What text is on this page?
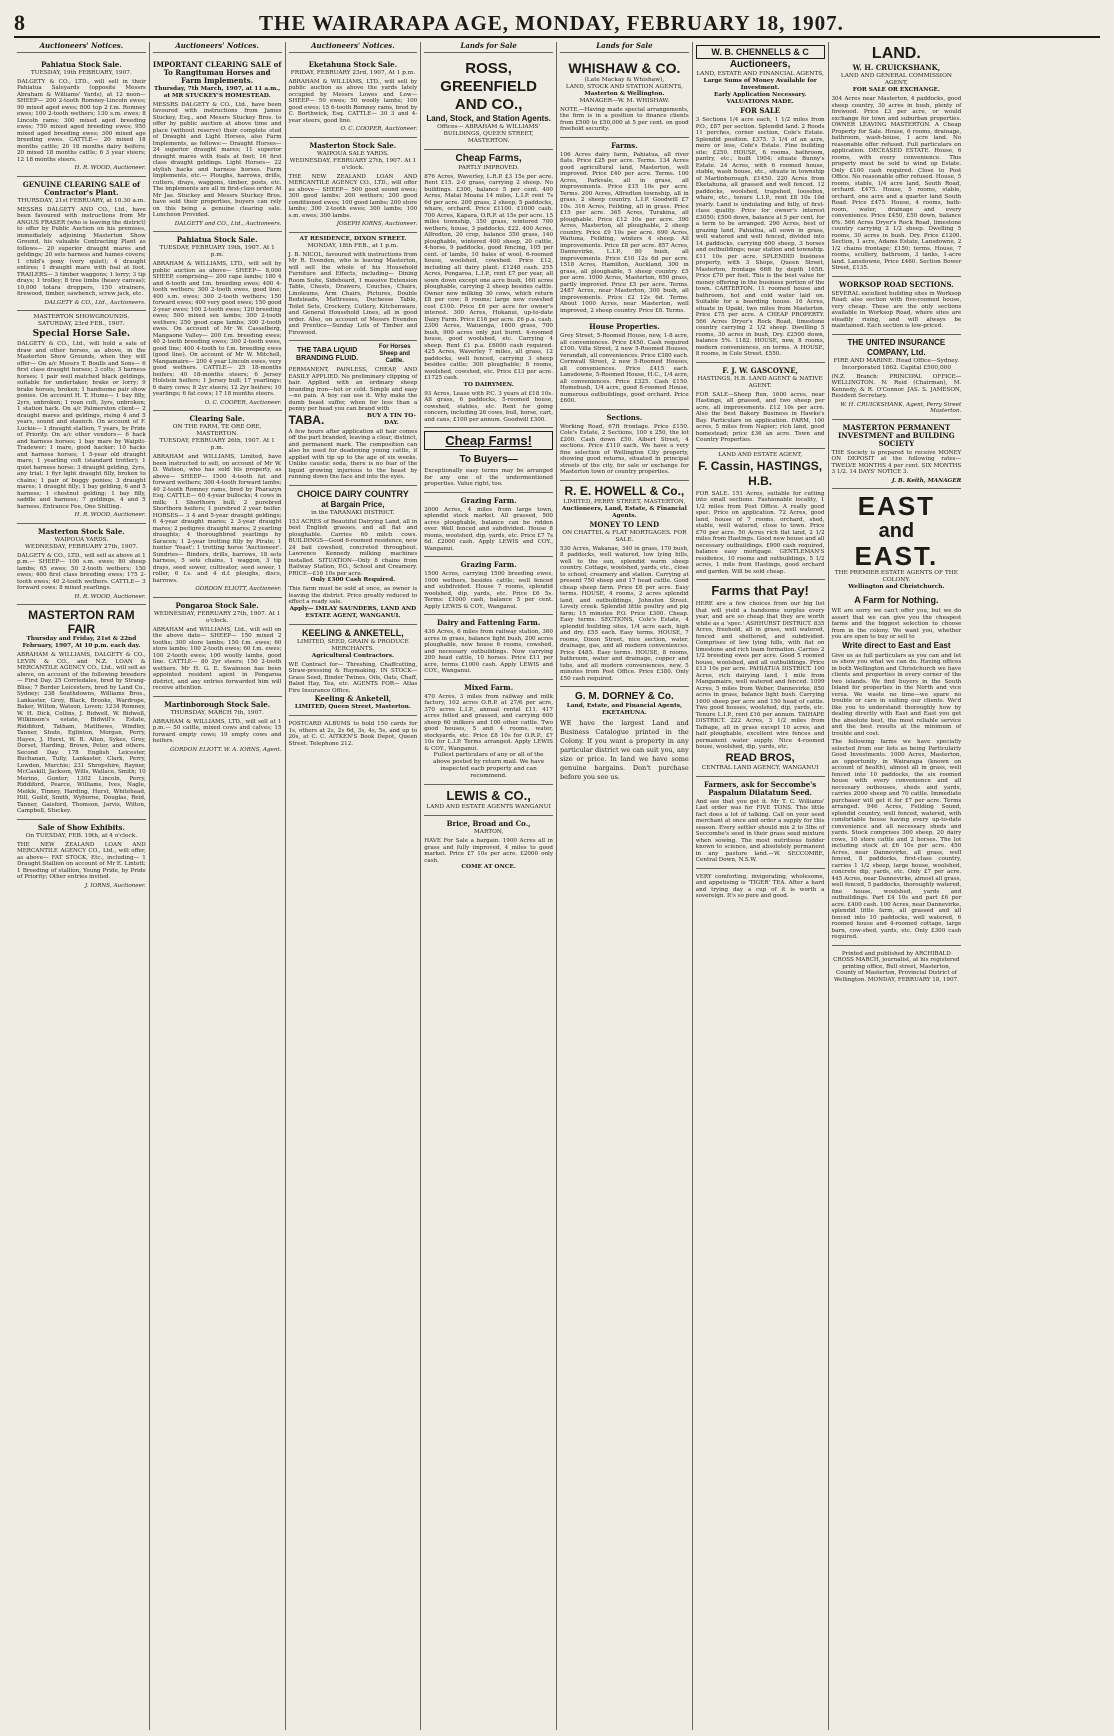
8	THE WAIRARAPA AGE, MONDAY, FEBRUARY 18, 1907.
Auctioneers' Notices.
Pahiatua Stock Sale.
TUESDAY, 19th FEBRUARY, 1907.
DALGETY & CO., LTD., will sell in their Pahiatua Saleyards (opposite Messrs Abraham & Williams' Yards), at 12 noon— SHEEP— 200 2-tooth Romney-Lincoln ewes; 90 mixed aged ewes; 800 top 2 f.m. Romney ewes; 100 2-tooth wethers; 130 s.m. ewes; 8 Lincoln rams; 300 mixed aged breeding ewes; 750 mixed aged breeding ewes; 950 mixed aged breeding ewes; 300 mixed age breeding ewes. CATTLE— 20 mixed 18 months cattle; 20 18 months dairy heifers; 20 mixed 18 months cattle; 6 3 year steers; 12 18 months steers.
H. R. WOOD, Auctioneer.
GENUINE CLEARING SALE of Contractor's Plant.
THURSDAY, 21st FEBRUARY, at 10.30 a.m.
MESSRS DALGETY AND CO., Ltd., have been favoured with instructions from Mr ANGUS FRASER (who is leaving the district) to offer by Public Auction on his premises, immediately adjoining Masterton Show Ground, his valuable Contracting Plant as follows— 20 superior draught mares and geldings; 20 sets harness and hames covers; 1 child's pony (very quiet); 4 draught entires; 1 draught mare with foal at foot. TRAILERS— 3 timber waggons; 1 lorry; 3 tip drays; 1 trolley; 8 tree limbs (heavy canvas); 10,000 totara droppers, 150 strainers, firewood, timber, sawbench, screw jack, etc.
DALGETY & CO., Ltd., Auctioneers.
MASTERTON SHOWGROUNDS. SATURDAY, 23rd FEB., 1907.
Special Horse Sale.
DALGETY & CO., Ltd., will hold a sale of draw and other horses, as above, in the Masterton Show Grounds, when they will offer— On a/c Messrs T. Boulls and Sons— 6 first class draught horses; 3 colts; 3 harness horses; 1 pair well matched black geldings, suitable for undertaker, brake or lorry; 9 brake horses, broken; 1 handsome pair show ponies. On account H. T. Hume— 1 bay filly, 2yrs, unbroken; 1 roan colt, 3yrs, unbroken; 1 station hack. On a/c Palmerston client— 2 draught mares and geldings, rising 4 and 5 years, sound and staunch. On account of F. Luckie— 1 draught stallion, 7 years, by Pride of Priority. On a/c other vendors— 6 hack and harness horses; 1 bay mare by Waipiti-Tradewer; 1 mare, good hacker; 10 hacks and harness horses; 1 5-year old draught mare; 1 yearling colt (standard trotter); 1 quiet harness horse; 3 draught gelding, 2yrs, any trial; 1 6yr light draught filly, broken to chains; 1 pair of buggy ponies; 3 draught mares; 1 draught filly; 1 bay gelding, 6 and 5 harness; 1 chestnut gelding; 1 bay filly, saddle and harness; 7 geldings, 4 and 5 harness. Entrance Fee, One Shilling.
H. R. WOOD, Auctioneer.
Masterton Stock Sale.
WAIPOUA YARDS.
WEDNESDAY, FEBRUARY 27th, 1907.
DALGETY & CO., LTD., will sell as above at 1 p.m.— SHEEP— 100 s.m. ewes; 80 sheep lambs; 65 ewes; 50 2-tooth wethers; 150 ewes; 400 first class breeding ewes; 175 2-tooth ewes; 40 2-tooth wethers. CATTLE— 3 forward cows; 8 mixed yearlings.
H. R. WOOD, Auctioneer.
MASTERTON RAM FAIR
Thursday and Friday, 21st & 22nd February, 1907, At 10 p.m. each day.
ABRAHAM & WILLIAMS, DALGETY & CO., LEVIN & CO., and N.Z. LOAN & MERCANTILE AGENCY CO., Ltd., will sell as above, on account of the following breeders— First Day. 25 Corriedales, bred by Strang-Bliss; 7 Border Leicesters, bred by Land Co., Sydney; 238 Southdowns, Williams Bros., Lankaster, Grey, Black, Brooks, Wardrope, Baker, Wilton, Watson, Loven; 1234 Romney, W. H. Dick, Collins, J. Bidwell, W. Bidwell, Wilkinson's estate, Bidwill's Estate, Riddiford, Tatham, Matthews, Windley, Tanner, Shute, Eglinton, Morgan, Perry, Hayes, J. Hurst, W. B. Allen, Sykes, Grey, Dorset, Harding, Brown, Peter, and others. Second Day. 178 English Leicester, Buchanan, Tully, Lankaster, Clark, Perry, Lowden, Murchie; 231 Shropshire, Rayner, McCaskill, Jackson, Wills, Wallace, Smith; 10 Merino, Gunter; 1302 Lincoln, Perry, Riddiford, Pearce, Williams, Ives, Nagle, Meikle, Tinney, Harding, Hurst, Whitehead, Hill, Guild, Smith, Wyborne, Douglas, Reid, Tanner, Gaisford, Thomson, Jarvis, Wilton, Campbell, Stuckey.
Sale of Show Exhibits.
On TUESDAY, FEB. 19th, at 4 o'clock.
THE NEW ZEALAND LOAN AND MERCANTILE AGENCY CO., Ltd., will offer, as above— FAT STOCK, Etc., including— 1 Draught Stallion on account of Mr E. Lintott; 1 Breeding of stallion, Young Pride, by Pride of Priority; Other entries invited.
J. IORNS, Auctioneer.
Auctioneers' Notices.
IMPORTANT CLEARING SALE of To Rangitumau Horses and Farm Implements.
Thursday, 7th March, 1907, at 11 a.m., at MR STUCKEY'S HOMESTEAD.
MESSRS DALGETY & CO., Ltd., have been favoured with instructions from James Stuckey, Esq., and Messrs Stuckey Bros. to offer by public auction at above time and place (without reserve) their complete stud of Draught and Light Horses, also Farm Implements, as follows:— Draught Horses— 24 superior draught mares; 11 superior draught mares with foals at foot; 16 first class draught geldings. Light Horses— 22 stylish hacks and harness horses. Farm Implements, etc.— Ploughs, harrows, drills, cutters, drays, waggons, timber, posts, etc. The implements are all in first-class order. At Mr Jas. Stuckey and Messrs Stuckey Bros. have sold their properties, buyers can rely on this being a genuine clearing sale. Luncheon Provided.
DALGETY and CO., Ltd., Auctioneers.
Pahiatua Stock Sale.
TUESDAY, FEBRUARY 19th, 1907. At 1 p.m.
ABRAHAM & WILLIAMS, LTD., will sell by public auction as above— SHEEP— 8,000 SHEEP, comprising— 200 cape lambs; 180 4 and 6-tooth and f.m. breeding ewes; 400 4-tooth wethers; 300 2-tooth ewes, good line; 400 s.m. ewes; 300 2-tooth wethers; 150 forward ewes; 400 very good ewes; 150 good 2-year ewes; 100 2-tooth ewes; 120 breeding ewes; 500 mixed sex lambs; 300 2-tooth wethers; 250 good cape lambs; 300 2-tooth ewes. On account of Mr W. Casselberg, Mangaone Valley— 200 f.m. breeding ewes; 40 2-tooth breeding ewes; 300 2-tooth ewes, good line; 400 4-tooth to f.m. breeding ewes (good line). On account of Mr W. Mitchell, Mangamaire— 200 4 year Lincoln ewes, very good wethers. CATTLE— 25 18-months heifers; 40 18-months steers; 6 Jersey Holstein heifers; 1 Jersey bull; 17 yearlings; 6 dairy cows; 8 2yr steers; 12 2yr heifers; 10 yearlings; 6 fat cows; 17 18 months steers.
O. C. COOPER, Auctioneer.
Clearing Sale.
ON THE FARM, TE ORE ORE, MASTERTON.
TUESDAY, FEBRUARY 26th, 1907. At 1 p.m.
ABRAHAM and WILLIAMS, Limited, have been instructed to sell, on account of Mr W. D. Watson, who has sold his property, as above— SHEEP— 1500 4-tooth fat and forward wethers; 300 4-tooth forward lambs; 40 2-tooth Romney rams, bred by Pharazyn Esq. CATTLE— 60 4-year bullocks; 4 cows in milk; 1 Shorthorn bull; 2 purebred Shorthorn heifers; 1 purebred 2 year heifer. HORSES— 3 4 and 5-year draught geldings; 6 4-year draught mares; 2 3-year draught mares; 2 pedigree draught mares; 2 yearling draughts; 4 thoroughbred yearlings by Saracen; 1 2-year trotting filly by Pirate; 1 hunter 'Yeast'; 1 trotting horse 'Auctioneer'. Sundries— Binders, drills, harrows, 18 sets harness, 5 sets chains, 1 waggon, 3 tip drays, seed sower, cultivator, seed sower, 1 roller, 6 f.s. and 4 d.f. ploughs, discs, harrows.
GORDON ELIOTT, Auctioneer.
Pongaroa Stock Sale.
WEDNESDAY, FEBRUARY 27th, 1907. At 1 o'clock.
ABRAHAM and WILLIAMS, Ltd., will sell on the above date— SHEEP— 150 mixed 2 tooths; 300 store lambs; 150 f.m. ewes; 60 store lambs; 100 2-tooth ewes; 60 f.m. ewes; 100 2-tooth ewes; 100 woolly lambs, good line. CATTLE— 80 2yr steers; 150 2-tooth wethers. Mr H. G. E. Swainson has been appointed resident agent in Pongaroa district, and any entries forwarded him will receive attention.
Martinborough Stock Sale.
THURSDAY, MARCH 7th, 1907.
ABRAHAM & WILLIAMS, LTD., will sell at 1 p.m.— 50 cattle, mixed cows and calves; 15 forward empty cows; 19 empty cows and heifers.
GORDON ELIOTT. W. A. IORNS, Agent.
Auctioneers' Notices.
Eketahuna Stock Sale.
FRIDAY, FEBRUARY 23rd, 1907, At 1 p.m.
ABRAHAM & WILLIAMS, LTD., will sell by public auction as above the yards lately occupied by Messrs Lowes and Low— SHEEP— 50 ewes; 50 woolly lambs; 100 good ewes; 15 6-tooth Romney rams, bred by C. Borthwick, Esq. CATTLE— 30 3 and 4-year steers, good line.
O. C. COOPER, Auctioneer.
Masterton Stock Sale.
WAIPOUA SALE YARDS.
WEDNESDAY, FEBRUARY 27th, 1907. At 1 o'clock.
THE NEW ZEALAND LOAN AND MERCANTILE AGENCY CO., LTD., will offer as above— SHEEP— 500 good sound ewes; 300 good lambs; 200 wethers; 200 good conditioned ewes; 100 good lambs; 200 store lambs; 300 2-tooth ewes; 300 lambs; 100 s.m. ewes; 300 lambs.
JOSEPH IORNS, Auctioneer.
AT RESIDENCE, DIXON STREET.
MONDAY, 18th FEB., at 1 p.m.
J. B. NICOL, favoured with instructions from Mr R. Evenden, who is leaving Masterton, will sell the whole of his Household Furniture and Effects, including— Dining Room Suite, Sideboard, 1 massive Extension Table, Chests, Drawers, Couches, Chairs, Linoleums, Arm Chairs, Pictures, Double Bedsteads, Mattresses, Duchesse Table, Toilet Sets, Crockery, Cutlery, Kitchenware, and General Household Lines, all in good order. Also, on account of Messrs Evenden and Prentice—Sunday Lots of Timber and Firewood.
THE TABA LIQUID BRANDING FLUID.
For Horses Sheep and Cattle.
PERMANENT, PAINLESS, CHEAP, AND EASILY APPLIED. No preliminary clipping of hair. Applied with an ordinary sheep branding iron—hot or cold. Simple and easy—no pain. A boy can use it. Why make the dumb beast suffer, when for less than a penny per head you can brand with
TABA.	BUY A TIN TO-DAY.
A few hours after application all hair comes off the part branded, leaving a clear, distinct, and permanent mark. The composition can also be used for deadening young cattle, if applied with tip up to the age of six weeks. Unlike caustic soda, there is no fear of the liquid growing injurious to the beast by running down the face and into the eyes.
CHOICE DAIRY COUNTRY
at Bargain Price,
in the TARANAKI DISTRICT.
153 ACRES of Beautiful Dairying Land, all in best English grasses, and all flat and ploughable. Carries 60 milch cows. BUILDINGS—Good 6-roomed residence, new 24 bail cowshed, concreted throughout. Lawrence Kennedy milking machines installed. SITUATION—Only 8 chains from Railway Station, P.O., School and Creamery. PRICE—£16 10s per acre.
Only £300 Cash Required.
This farm must be sold at once, as owner is leaving the district. Price greatly reduced to effect a ready sale.
Apply— IMLAY SAUNDERS, LAND AND ESTATE AGENT, WANGANUI.
KEELING & ANKETELL,
LIMITED, SEED, GRAIN & PRODUCE MERCHANTS.
Agricultural Contractors.
WE Contract for— Threshing, Chaffcutting, Straw-pressing & Haymaking. IN STOCK— Grass Seed, Binder Twines, Oils, Oats, Chaff, Baled Hay, Tea, etc. AGENTS FOR— Atlas Fire Insurance Office.
Keeling & Anketell,
LIMITED, Queen Street, Masterton.
POSTCARD ALBUMS to hold 150 cards for 1s, others at 2s, 2s 6d, 3s, 4s, 5s, and up to 20s, at C. C. AITKEN'S Book Depot, Queen Street. Telephone 212.
Lands for Sale
ROSS, GREENFIELD AND CO.,
Land, Stock, and Station Agents.
Offices— ABRAHAM & WILLIAMS' BUILDINGS, QUEEN STREET, MASTERTON.
Cheap Farms,
PARTLY IMPROVED.
876 Acres, Waverley, L.R.P. £3 15s per acre. Rent £15. 2-0 grass, carrying 2 sheep. No buildings. £300, balance 5 per cent. 400 Acres, Matai Moana 14 miles, L.I.P. rent 7s 6d per acre. 200 grass, 2 sheep, 5 paddocks, whare, orchard. Price £1100. £1000 cash. 700 Acres, Kapara, O.R.P. at 15s per acre. 15 miles township, 350 grass, wintered 700 wethers, house, 3 paddocks, £22. 400 Acres, Alfredton, 20 crop, balance 350 grass, 140 ploughable, wintered 400 sheep, 20 cattle, 4-horse, 9 paddocks, good fencing, 105 per cent. of lambs, 10 bales of wool, 6-roomed house, woolshed, cowshed. Price £12, including all dairy plant. £1248 cash. 255 Acres, Pongaroa, L.I.P., rent £7 per year, all sown down except one acre bush, 160 acres ploughable, carrying 2 sheep besides cattle. Owner now milking 30 cows, which return £8 per cow; 8 rooms; large new cowshed cost £100. Price £6 per acre for owner's interest. 300 Acres, Hukanui, up-to-date Dairy Farm. Price £16 per acre. £6 p.a. cash. 2300 Acres, Waiuenga, 1600 grass, 700 bush, 900 acres only just burnt. 4-roomed house, good woolshed, etc. Carrying 4 sheep. Rent £1 p.a. £6000 cash required. 425 Acres, Waverley 7 miles, all grass, 12 paddocks, well fenced, carrying 3 sheep besides cattle; 300 ploughable; 8 rooms, woolshed, cowshed, etc. Price £13 per acre. £1725 cash.
TO DAIRYMEN.
93 Acres, Lease with P.C. 3 years at £18 10s. All grass, 6 paddocks, 5-roomed house, cowshed, stables, etc. Rent for going concern, including 26 cows, bull, horse, cart, and cans, £100 per annum. Goodwill £300.
Cheap Farms!
To Buyers—
Exceptionally easy terms may be arranged for any one of the undermentioned properties. Value right, too.
Grazing Farm.
2000 Acres, 4 miles from large town, splendid stock market. All grassed, 500 acres ploughable, balance can be ridden over. Well fenced and subdivided. House 8 rooms, woolshed, dip, yards, etc. Price £7 7s 6d. £2000 cash. Apply LEWIS and COY., Wanganui.
Grazing Farm.
1500 Acres, carrying 1500 breeding ewes, 1000 wethers, besides cattle; well fenced and subdivided. House 7 rooms, splendid woolshed, dip, yards, etc. Price £6 5s. Terms: £1000 cash, balance 5 per cent. Apply LEWIS & COY., Wanganui.
Dairy and Fattening Farm.
436 Acres, 6 miles from railway station, 360 acres in grass, balance light bush, 200 acres ploughable, new house 6 rooms, cowshed, and necessary outbuildings. Now carrying 200 head cattle, 10 horses. Price £11 per acre, terms £1000 cash. Apply LEWIS and COY., Wanganui.
Mixed Farm.
470 Acres, 3 miles from railway and milk factory, 102 acres O.R.P. at 27/6 per acre, 370 acres L.I.P., annual rental £11. 417 acres felled and grassed, and carrying 600 sheep 60 milkers and 100 other cattle. Two good houses, 5 and 4 rooms, water, stockyards, etc. Price £8 10s for O.R.P., £7 10s for L.I.P. Terms arranged. Apply LEWIS & COY., Wanganui.
Fullest particulars of any or all of the above posted by return mail. We have inspected each property and can recommend.
LEWIS & CO.,
LAND AND ESTATE AGENTS WANGANUI
Brice, Broad and Co.,
MARTON,
HAVE For Sale a bargain. 1900 Acres all in grass and fully improved, 4 miles to good market. Price £7 10s per acre. £2000 only cash.
COME AT ONCE.
Lands for Sale
WHISHAW & CO.
(Late Mackay & Whishaw),
LAND, STOCK AND STATION AGENTS,
Masterton & Wellington.
MANAGER—W. M. WHISHAW.
NOTE.—Having made special arrangements, the firm is in a position to finance clients from £500 to £50,000 at 5 per cent. on good freehold security.
Farms.
106 Acres dairy farm, Pahiatua, all river flats. Price £25 per acre. Terms. 134 Acres good agricultural land, Masterton, well improved. Price £40 per acre. Terms. 100 Acres, Parkvale, all in grass, all improvements. Price £15 10s per acre. Terms. 200 Acres, Alfredton township, all in grass, 2 sheep country. L.I.P. Goodwill £7 10s. 316 Acres, Feilding, all in grass. Price £15 per acre. 365 Acres, Turakina, all ploughable. Price £12 10s per acre. 390 Acres, Masterton, all ploughable, 2 sheep country. Price £9 10s per acre. 690 Acres, Waituna, Feilding, winters 4 sheep. All improvements. Price £8 per acre. 857 Acres, Dannevirke, L.I.P., 80 bush, all improvements. Price £10 12s 6d per acre. 1518 Acres, Hamilton, Auckland, 300 in grass, all ploughable, 5 sheep country. £5 per acre. 1000 Acres, Masterton, 650 grass, partly improved. Price £5 per acre. Terms. 2487 Acres, near Masterton, 300 bush, all improvements. Price £2 12s 6d. Terms. About 1000 Acres, near Masterton, well improved, 2 sheep country. Price £8. Terms.
House Properties.
Grey Street, 5-Roomed House, new, 1-8 acre, all conveniences. Price £450. Cash required £100. Villa Street, 2 new 5-Roomed Houses, verandah, all conveniences. Price £380 each. Cornwall Street, 2 new 5-Roomed Houses, all conveniences. Price £415 each. Lansdowne, 5-Roomed House, H.C., 1/4 acre, all conveniences. Price £325. Cash £150. Homebush, 1/4 acre, good 8-roomed House, numerous outbuildings, good orchard. Price £600.
Sections.
Working Road, 67ft frontage. Price £150. Cole's Estate, 2 Sections, 100 x 250, the lot £200. Cash down £50. Albert Street, 4 sections. Price £110 each. We have a very fine selection of Wellington City property, showing good returns, situated in principal streets of the city, for sale or exchange for Masterton town or country properties.
R. E. HOWELL & Co.,
LIMITED, PERRY STREET, MASTERTON,
Auctioneers, Land, Estate, & Financial Agents.
MONEY TO LEND
ON CHATTEL & FLAT MORTGAGES. FOR SALE.
530 Acres, Wakanae, 340 in grass, 170 bush, 8 paddocks, well watered, low lying hills, well to the sun, splendid warm sheep country. Cottage, woolshed, yards, etc., close to school, creamery and station. Carrying at present 750 sheep and 17 head cattle. Good cheap sheep farm. Price £6 per acre. Easy terms. HOUSE, 4 rooms, 2 acres splendid land, and outbuildings, Johnston Street. Lovely creek. Splendid little poultry and pig farm; 15 minutes P.O. Price £300. Cheap. Easy terms. SECTIONS, Cole's Estate, 4 splendid building sites, 1/4 acre each, high and dry. £55 each. Easy terms. HOUSE, 7 rooms, Dixon Street, nice section, water, drainage, gas, and all modern conveniences. Price £485. Easy terms. HOUSE, 8 rooms, bathroom, water and drainage, copper and tubs, and all modern conveniences, new, 5 minutes from Post Office. Price £380. Only £50 cash required.
G. M. DORNEY & Co.
Land, Estate, and Financial Agents, EKETAHUNA.
WE have the largest Land and Business Catalogue printed in the Colony. If you want a property in any particular district we can suit you, any size or price. In land we have some genuine bargains. Don't purchase before you see us.
W. B. CHENNELLS & C
Auctioneers,
LAND, ESTATE AND FINANCIAL AGENTS,
Large Sums of Money Available for Investment.
Early Application Necessary. VALUATIONS MADE.
FOR SALE
3 Sections 1/4 acre each, 1 1/2 miles from P.O., £87 per section. Splendid land. 2 Roods 11 perches, corner section, Cole's Estate. Splendid position. £375. 3 1/4 of an acre, more or less, Cole's Estate. Fine building site; £250. HOUSE, 6 rooms, bathroom, pantry, etc.; built 1904; situate Bunny's Estate. 24 Acres, with 6 roomed house, stable, wash house, etc., situate in township of Martinborough. £1450. 220 Acres from Eketahuna, all grassed and well fenced. 12 paddocks, woolshed, trapshed, loosebox, whare, etc., tenure L.I.P., rent £8 10s 10d yearly. Land is undulating and hilly, of first-class quality. Price for owner's interest £3050; £500 down, balance at 5 per cent. for a term to be arranged. 290 Acres, best of grazing land, Pahiatua, all sown in grass, well watered and well fenced, divided into 14 paddocks, carrying 600 sheep, 3 horses and outbuildings; near station and township. £11 10s per acre. SPLENDID business property, with 3 Shops, Queen Street, Masterton, frontage 66ft by depth 165ft. Price £70 per foot. This is the best value for money offering in the business portion of the town. CARTERTON. 11 roomed house and bathroom, hot and cold water laid on. Suitable for a boarding house. 16 Acres, situate in Opaki, two miles from Masterton. Price £75 per acre. A CHEAP PROPERTY. 566 Acres Dryer's Rock Road, limestone country carrying 2 1/2 sheep. Dwelling 5 rooms, 30 acres in bush, Dry. £2500 down, balance 5%. 1182. HOUSE, new, 8 rooms, modern conveniences, on terms. A HOUSE, 8 rooms, in Cole Street. £550.
F. J. W. GASCOYNE,
HASTINGS, H.B. LAND AGENT & NATIVE AGENT.
FOR SALE—Sheep Run, 1600 acres, near Hastings, all grassed, and two sheep per acre, all improvements. £12 10s per acre. Also the best Bakery Business in Hawke's Bay. Particulars on application. FARM, 100 acres, 5 miles from Napier; rich land, good homestead; price £36 an acre. Town and Country Properties.
LAND AND ESTATE AGENT,
F. Cassin, HASTINGS, H.B.
FOR SALE. 151 Acres, suitable for cutting into small sections. Fashionable locality, 1 1/2 miles from Post Office. A really good spec. Price on application. 72 Acres, good land, house of 7 rooms, orchard, shed, stable, well watered, close to town. Price £70 per acre. 50 Acres rich flat land, 2 1/2 miles from Hastings. Good new house and all necessary outbuildings. £900 cash required, balance easy mortgage. GENTLEMAN'S residence, 10 rooms and outbuildings, 5 1/2 acres, 1 mile from Hastings, good orchard and garden. Will be sold cheap.
Farms that Pay!
HERE are a few choices from our big list that will yield a handsome surplus every year, and are so cheap that they are worth while as a 'spec.' ASHHURST DISTRICT. 835 Acres, freehold, all in grass, well watered, fenced and sheltered, and subdivided. Comprises of low lying hills, with flat on limestone and rich loam formation. Carries 2 1/2 breeding ewes per acre. Good 5 roomed house, woolshed, and all outbuildings. Price £13 10s per acre. PAHIATUA DISTRICT. 100 Acres, rich dairying land, 1 mile from Mangamaire, well watered and fenced. 1099 Acres, 5 miles from Weber, Dannevirke, 850 acres in grass, balance light bush. Carrying 1600 sheep per acre and 150 head of cattle. Two good houses, woolshed, dip, yards, etc. Tenure L.I.P., rent £16 per annum. TAIHAPE DISTRICT. 222 Acres, 3 1/2 miles from Taihape, all in grass except 10 acres, and half ploughable, excellent wire fences and permanent water supply. Nice 4-roomed house, woolshed, dip, yards, etc.
READ BROS,
CENTRAL LAND AGENCY, WANGANUI
Farmers, ask for Seccombe's Paspalum Dilatatum Seed.
And see that you get it. Mr T. C. Williams' Last order was for FIVE TONS. This little fact does a lot of talking. Call on your seed merchant at once and order a supply for this season. Every settler should mix 2 to 3lbs of Seccombe's seed in their grass seed mixture when sowing. The most nutritious fodder known to science, and absolutely permanent in any pasture land.—W. SECCOMBE, Central Down, N.S.W.
VERY comforting, invigorating, wholesome, and appetising is 'TIGER' TEA. After a hard and trying day a cup of it is worth a sovereign. It's so pure and good.
LAND.
W. H. CRUICKSHANK,
LAND AND GENERAL COMMISSION AGENT,
FOR SALE OR EXCHANGE.
304 Acres near Masterton, 4 paddocks, good sheep country, 30 acres in bush, plenty of firewood. Price £3 per acre, or would exchange for town and suburban properties. OWNER LEAVING MASTERTON. A Cheap Property for Sale. House, 6 rooms, drainage, bathroom, wash-house, 1 acre land. No reasonable offer refused. Full particulars on application. DECEASED ESTATE. House, 6 rooms, with every convenience. This property must be sold to wind up Estate. Only £100 cash required. Close to Post Office. No reasonable offer refused. House, 5 rooms, stable, 1/4 acre land, South Road, orchard. £475. House, 5 rooms, stable, orchard, one acre and a quarter land South Road. Price £475. House, 4 rooms, bath-room, water, drainage and every convenience. Price £450, £50 down, balance 6%. 566 Acres Dryer's Rock Road, limestone country carrying 2 1/2 sheep. Dwelling 5 rooms, 30 acres in bush. Dry. Price £1200. Section, 1 acre, Adams Estate, Lansdowne, 2 1/2 chains frontage; £150; terms. House, 7 rooms, scullery, bathroom, 3 tanks, 1-acre land. Lansdowne, Price £460. Section Bower Street, £135.
WORKSOP ROAD SECTIONS.
SEVERAL excellent building sites in Worksop Road; also section with five-roomed house, very cheap. These are the only sections available in Worksop Road, where sites are steadily rising, and will always be maintained. Each section is low-priced.
THE UNITED INSURANCE COMPANY, Ltd.
FIRE AND MARINE. Head Office—Sydney. Incorporated 1862. Capital £500,000
(N.Z. Branch: PRINCIPAL OFFICE—WELLINGTON. N. Reid (Chairman), M. Kennedy, & R. O'Connor. JAS. S. JAMESON, Resident Secretary.
W. H. CRUICKSHANK, Agent, Perry Street Masterton.
MASTERTON PERMANENT INVESTMENT and BUILDING SOCIETY
THE Society is prepared to receive MONEY ON DEPOSIT at the following rates— TWELVE MONTHS 4 per cent. SIX MONTHS 3 1/2. 14 DAYS' NOTICE 3.
J. B. Keith, MANAGER
EAST
and
EAST.
THE PREMIER ESTATE AGENTS OF THE COLONY.
Wellington and Christchurch.
A Farm for Nothing.
WE are sorry we can't offer you, but we do assert that we can give you the cheapest farms and the biggest selection to choose from in the colony. We want you, whether you are open to buy or sell to
Write direct to East and East
Give us as full particulars as you can and let us show you what we can do. Having offices in both Wellington and Christchurch we have clients and properties in every corner of the two islands. We find buyers in the South Island for properties in the North and vice versa. We waste no time—we spare no trouble or care in suiting our clients. We'd like you to understand thoroughly how by dealing directly with East and East you get the absolute best, the most reliable service and the best results at the minimum of trouble and cost.
The following farms we have specially selected from our lists as being Particularly Good Investments. 1000 Acres, Masterton, an opportunity in Wairarapa (known on account of health), almost all in grass, well fenced into 10 paddocks, the six roomed house with every convenience and all necessary outhouses, sheds and yards, carries 2000 sheep and 70 cattle. Immediate purchaser will get it for £7 per acre. Terms arranged. 946 Acres, Feilding Sound, splendid country, well fenced, watered, with comfortable house having every up-to-date convenience and all necessary sheds and yards. Stock comprises 300 sheep, 20 dairy cows, 10 store cattle and 2 horses. The lot including stock at £6 10s per acre. 450 Acres, near Dannevirke, all grass, well fenced, 8 paddocks, first-class country, carries 1 1/2 sheep, large house, woolshed, concrete dip, yards, etc. Only £7 per acre. 445 Acres, near Dannevirke, almost all grass, well fenced, 5 paddocks, thoroughly watered, fine house, woolshed, yards and outbuildings. Part £4 10s and part £6 per acre. £400 cash. 100 Acres, near Dannevirke, splendid little farm, all grassed and all fenced into 10 paddocks, well watered, 6 roomed house and 4-roomed cottage, large barn, cow-shed, yards, etc. Only £300 cash required.
Printed and published by ARCHIBALD CROSS MARCH, journalist, at his registered printing office, Bull street, Masterton, County of Masterton, Provincial District of Wellington. MONDAY, FEBRUARY 18, 1907.
